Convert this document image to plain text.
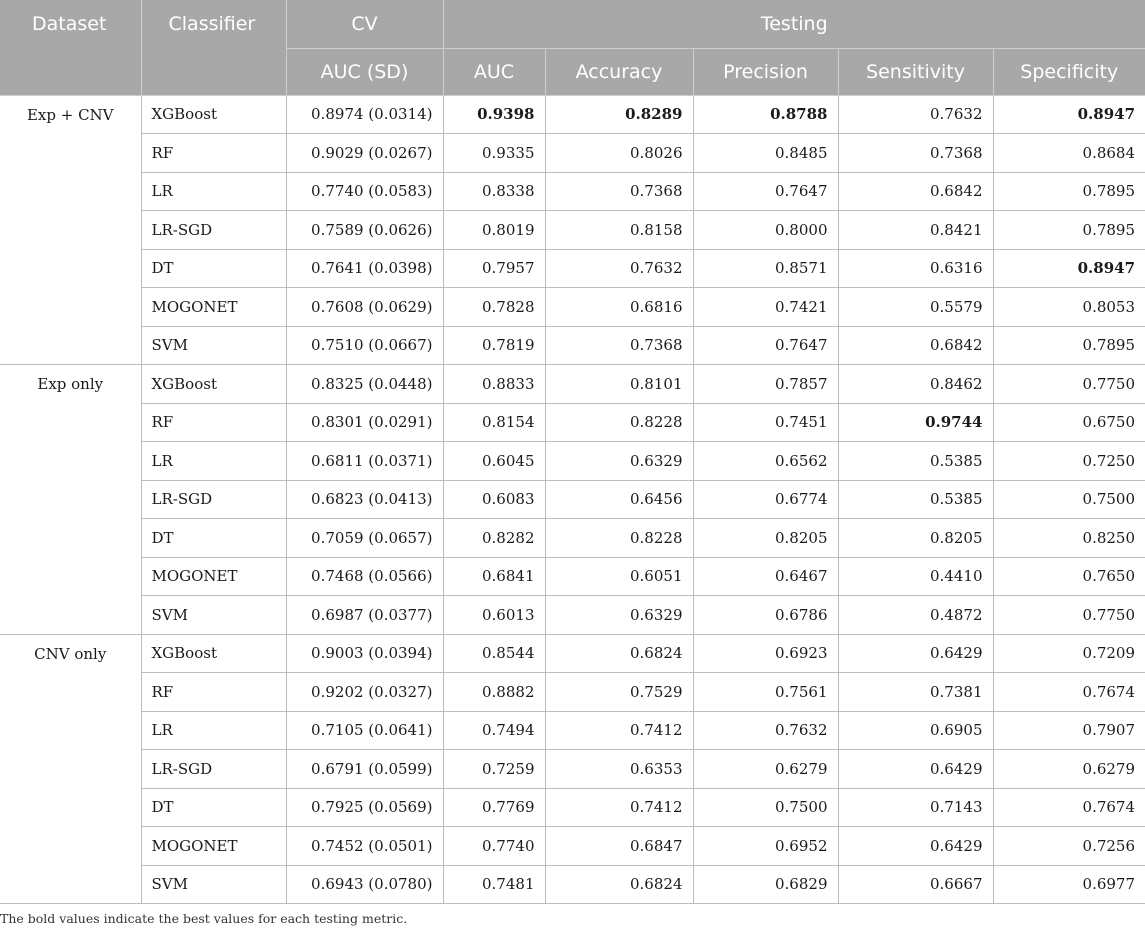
Dataset	Classifier	CV	Testing				
		AUC (SD)	AUC	Accuracy	Precision	Sensitivity	Specificity
Exp + CNV	XGBoost	0.8974 (0.0314)	0.9398	0.8289	0.8788	0.7632	0.8947
	RF	0.9029 (0.0267)	0.9335	0.8026	0.8485	0.7368	0.8684
	LR	0.7740 (0.0583)	0.8338	0.7368	0.7647	0.6842	0.7895
	LR-SGD	0.7589 (0.0626)	0.8019	0.8158	0.8000	0.8421	0.7895
	DT	0.7641 (0.0398)	0.7957	0.7632	0.8571	0.6316	0.8947
	MOGONET	0.7608 (0.0629)	0.7828	0.6816	0.7421	0.5579	0.8053
	SVM	0.7510 (0.0667)	0.7819	0.7368	0.7647	0.6842	0.7895
Exp only	XGBoost	0.8325 (0.0448)	0.8833	0.8101	0.7857	0.8462	0.7750
	RF	0.8301 (0.0291)	0.8154	0.8228	0.7451	0.9744	0.6750
	LR	0.6811 (0.0371)	0.6045	0.6329	0.6562	0.5385	0.7250
	LR-SGD	0.6823 (0.0413)	0.6083	0.6456	0.6774	0.5385	0.7500
	DT	0.7059 (0.0657)	0.8282	0.8228	0.8205	0.8205	0.8250
	MOGONET	0.7468 (0.0566)	0.6841	0.6051	0.6467	0.4410	0.7650
	SVM	0.6987 (0.0377)	0.6013	0.6329	0.6786	0.4872	0.7750
CNV only	XGBoost	0.9003 (0.0394)	0.8544	0.6824	0.6923	0.6429	0.7209
	RF	0.9202 (0.0327)	0.8882	0.7529	0.7561	0.7381	0.7674
	LR	0.7105 (0.0641)	0.7494	0.7412	0.7632	0.6905	0.7907
	LR-SGD	0.6791 (0.0599)	0.7259	0.6353	0.6279	0.6429	0.6279
	DT	0.7925 (0.0569)	0.7769	0.7412	0.7500	0.7143	0.7674
	MOGONET	0.7452 (0.0501)	0.7740	0.6847	0.6952	0.6429	0.7256
	SVM	0.6943 (0.0780)	0.7481	0.6824	0.6829	0.6667	0.6977
The bold values indicate the best values for each testing metric.
